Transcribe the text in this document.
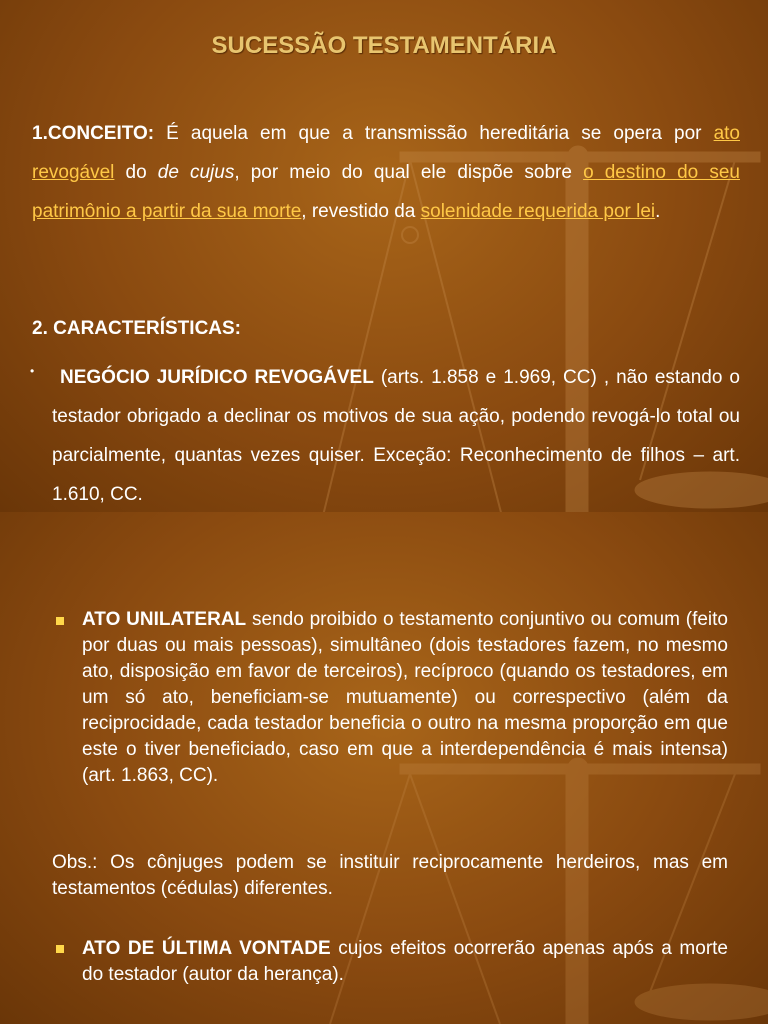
SUCESSÃO TESTAMENTÁRIA
1.CONCEITO: É aquela em que a transmissão hereditária se opera por ato revogável do de cujus, por meio do qual ele dispõe sobre o destino do seu patrimônio a partir da sua morte, revestido da solenidade requerida por lei.
2. CARACTERÍSTICAS:
•	NEGÓCIO JURÍDICO REVOGÁVEL (arts. 1.858 e 1.969, CC) , não estando o testador obrigado a declinar os motivos de sua ação, podendo revogá-lo total ou parcialmente, quantas vezes quiser. Exceção: Reconhecimento de filhos – art. 1.610, CC.
ATO UNILATERAL sendo proibido o testamento conjuntivo ou comum (feito por duas ou mais pessoas), simultâneo (dois testadores fazem, no mesmo ato, disposição em favor de terceiros), recíproco (quando os testadores, em um só ato, beneficiam-se mutuamente) ou correspectivo (além da reciprocidade, cada testador beneficia o outro na mesma proporção em que este o tiver beneficiado, caso em que a interdependência é mais intensa) (art. 1.863, CC).
Obs.: Os cônjuges podem se instituir reciprocamente herdeiros, mas em testamentos (cédulas) diferentes.
ATO DE ÚLTIMA VONTADE cujos efeitos ocorrerão apenas após a morte do testador (autor da herança).
